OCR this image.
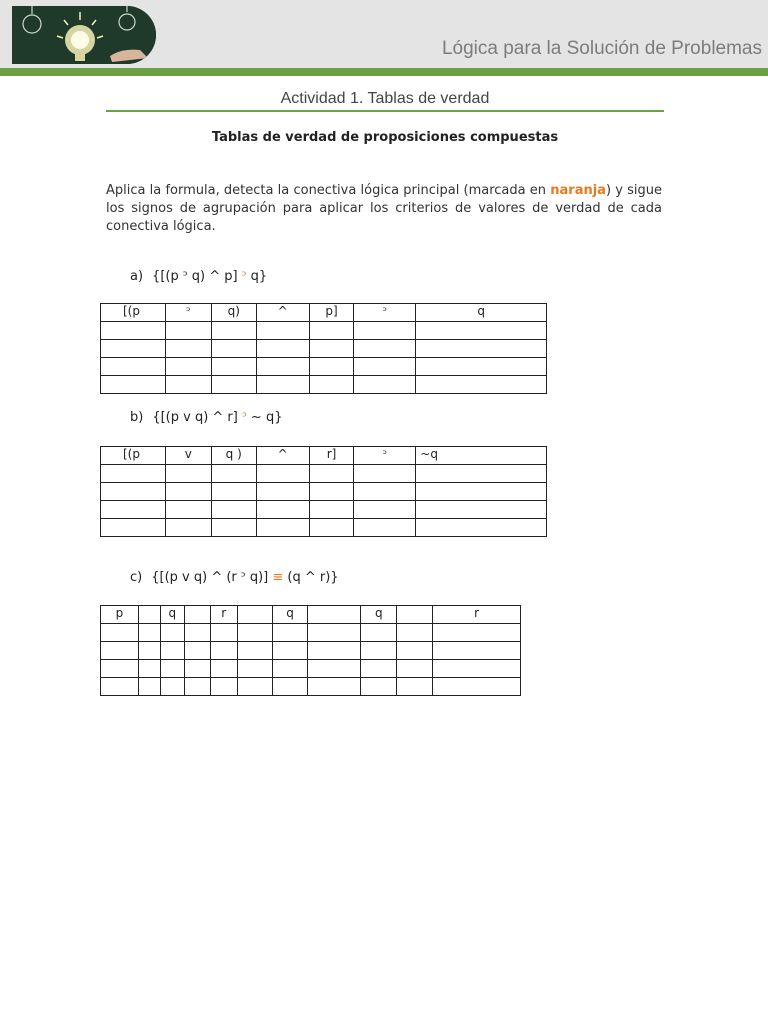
Lógica para la Solución de Problemas
Actividad 1. Tablas de verdad
Tablas de verdad de proposiciones compuestas
Aplica la formula, detecta la conectiva lógica principal (marcada en naranja) y sigue los signos de agrupación para aplicar los criterios de valores de verdad de cada conectiva lógica.
a) {[(p ᵓ q) ^ p] ᵓ q}
[(p	ᵓ	q)	^	p]	ᵓ	q

b) {[(p v q) ^ r] ᵓ ~ q}
[(p	v	q )	^	r]	ᵓ	~q

c) {[(p v q) ^ (r ᵓ q)] ≡ (q ^ r)}
p		q		r		q		q		r
